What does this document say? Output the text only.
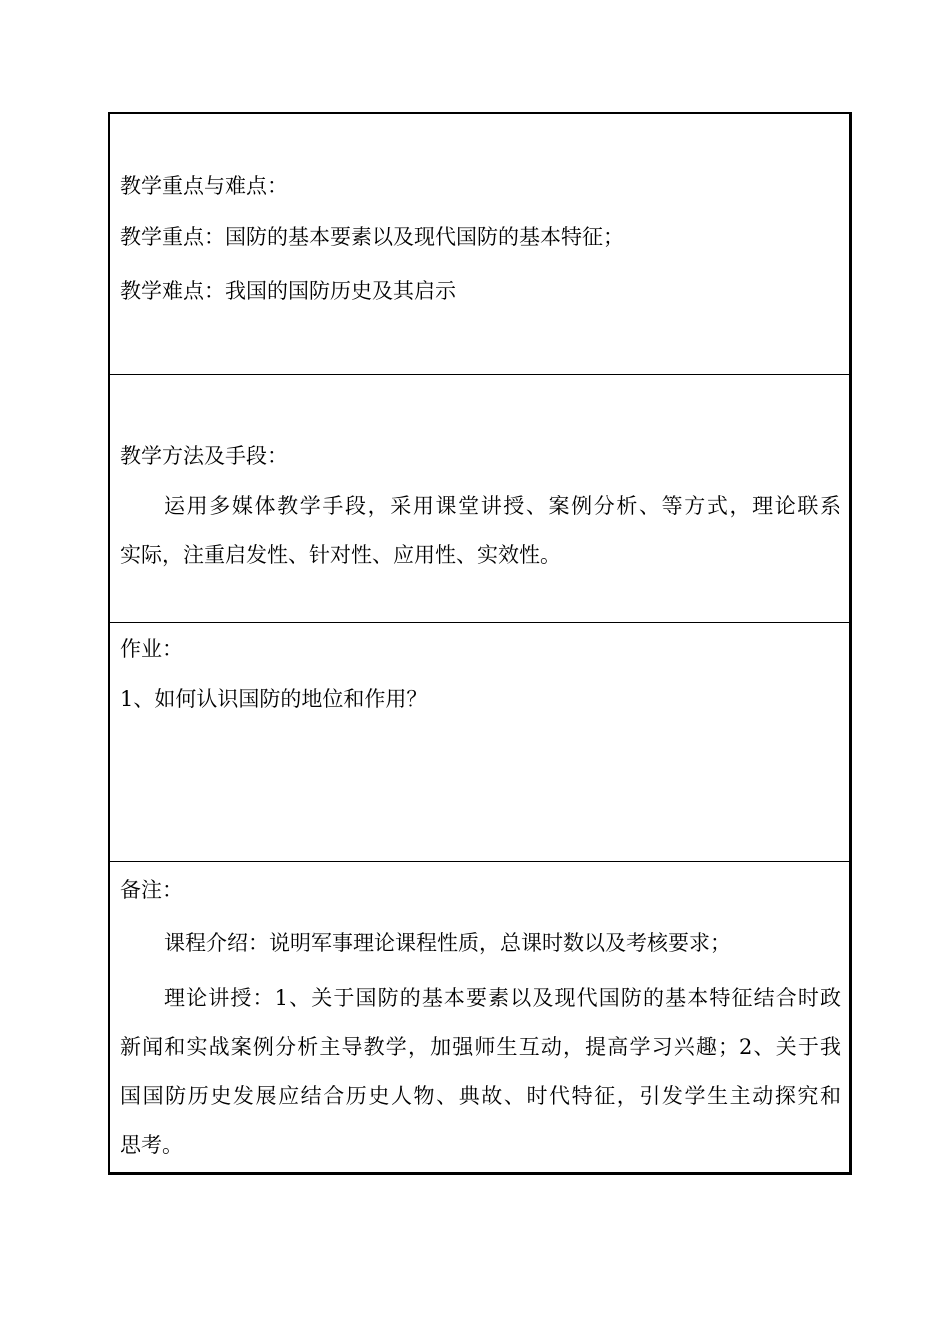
教学重点与难点：
教学重点：国防的基本要素以及现代国防的基本特征；
教学难点：我国的国防历史及其启示
教学方法及手段：
运用多媒体教学手段，采用课堂讲授、案例分析、等方式，理论联系
实际，注重启发性、针对性、应用性、实效性。
作业：
1、如何认识国防的地位和作用？
备注：
课程介绍：说明军事理论课程性质，总课时数以及考核要求；
理论讲授：1、关于国防的基本要素以及现代国防的基本特征结合时政
新闻和实战案例分析主导教学，加强师生互动，提高学习兴趣；2、关于我
国国防历史发展应结合历史人物、典故、时代特征，引发学生主动探究和
思考。
